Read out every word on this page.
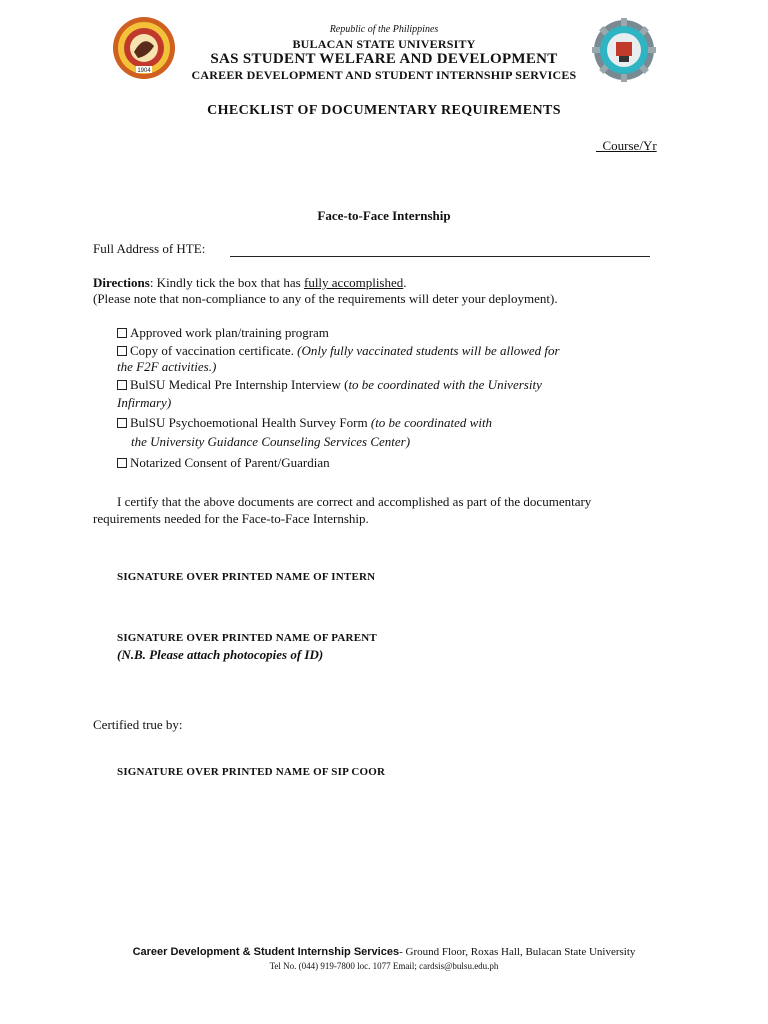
1904
Republic of the Philippines
BULACAN STATE UNIVERSITY
SAS STUDENT WELFARE AND DEVELOPMENT
CAREER DEVELOPMENT AND STUDENT INTERNSHIP SERVICES
CHECKLIST OF DOCUMENTARY REQUIREMENTS
_Course/Yr
Face-to-Face Internship
Full Address of HTE:
Directions: Kindly tick the box that has fully accomplished.
(Please note that non-compliance to any of the requirements will deter your deployment).
Approved work plan/training program
Copy of vaccination certificate. (Only fully vaccinated students will be allowed for
the F2F activities.)
BulSU Medical Pre Internship Interview (to be coordinated with the University
Infirmary)
BulSU Psychoemotional Health Survey Form (to be coordinated with
the University Guidance Counseling Services Center)
Notarized Consent of Parent/Guardian
I certify that the above documents are correct and accomplished as part of the documentary
requirements needed for the Face-to-Face Internship.
SIGNATURE OVER PRINTED NAME OF INTERN
SIGNATURE OVER PRINTED NAME OF PARENT
(N.B. Please attach photocopies of ID)
Certified true by:
SIGNATURE OVER PRINTED NAME OF SIP COOR
Career Development & Student Internship Services- Ground Floor, Roxas Hall, Bulacan State University
Tel No. (044) 919-7800 loc. 1077 Email; cardsis@bulsu.edu.ph
